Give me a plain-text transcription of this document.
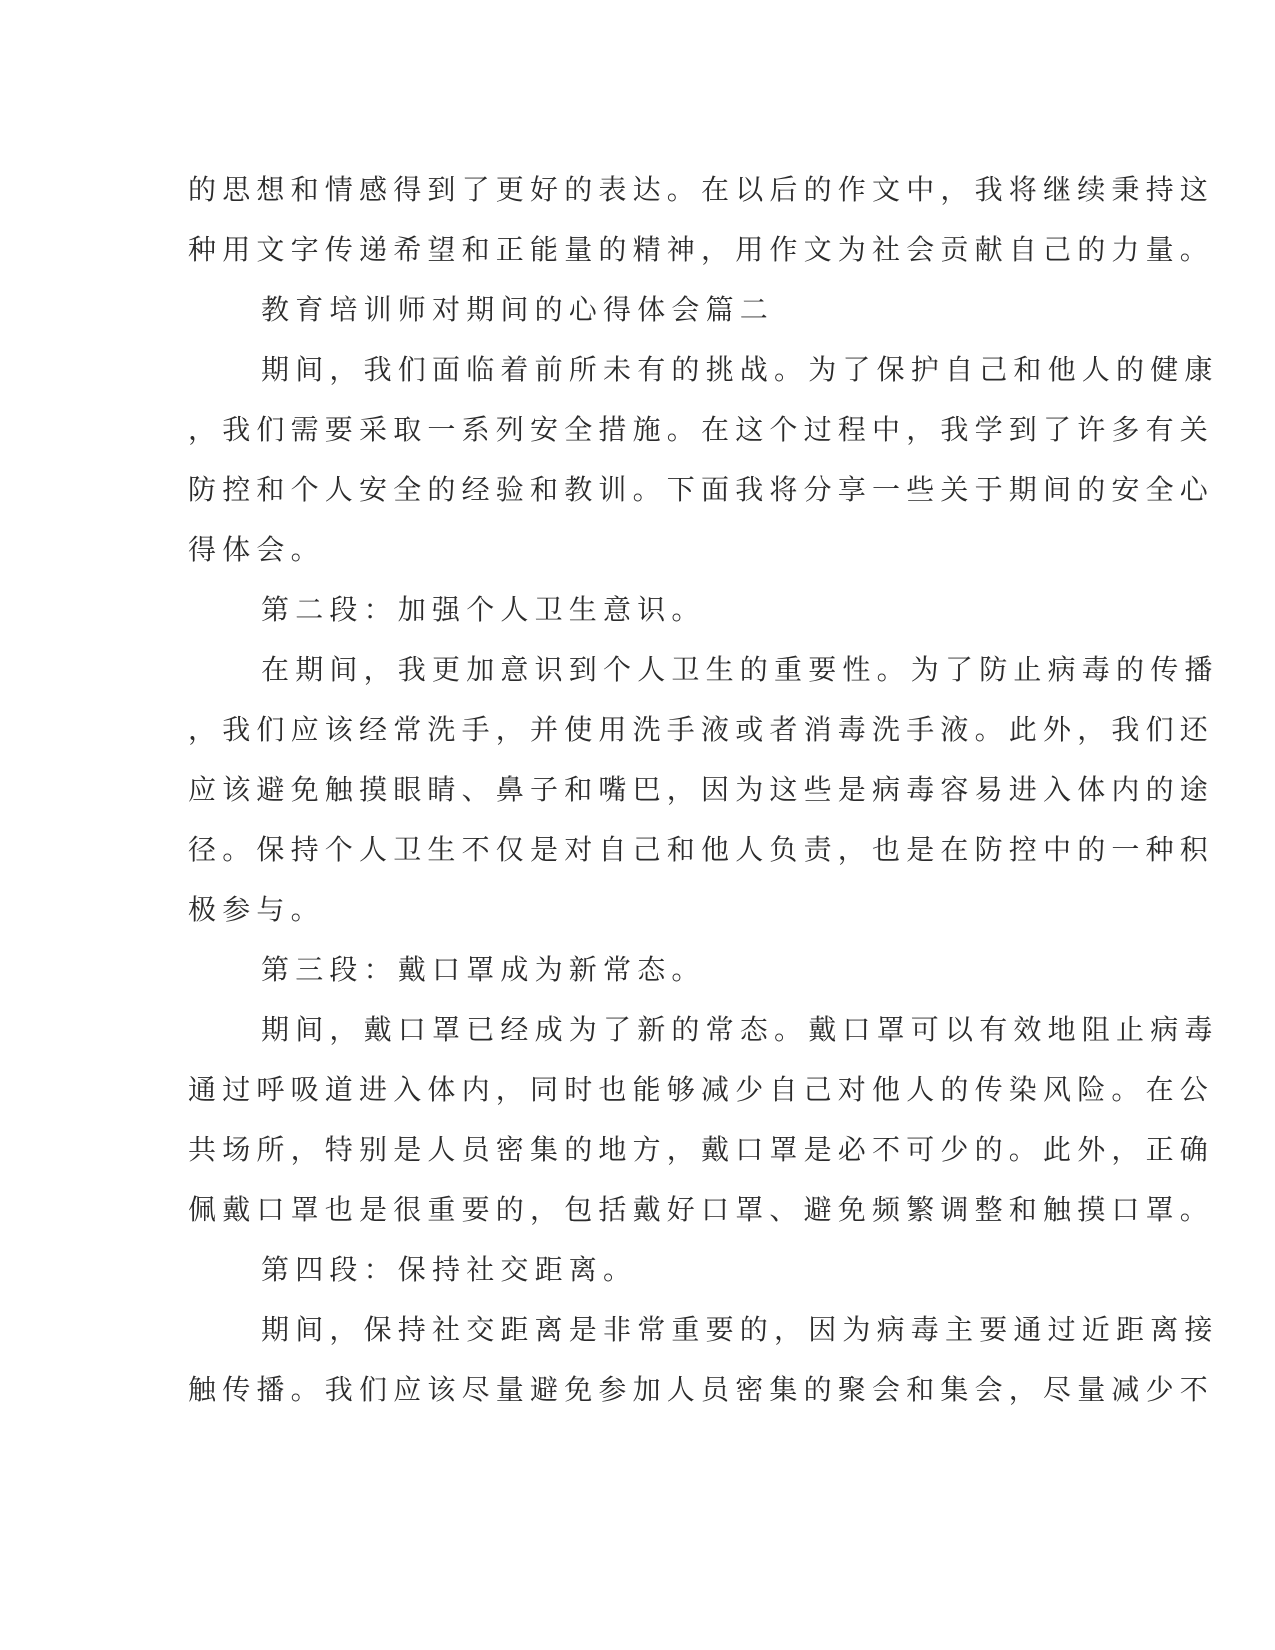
的思想和情感得到了更好的表达。在以后的作文中，我将继续秉持这
种用文字传递希望和正能量的精神，用作文为社会贡献自己的力量。
教育培训师对期间的心得体会篇二
期间，我们面临着前所未有的挑战。为了保护自己和他人的健康
，我们需要采取一系列安全措施。在这个过程中，我学到了许多有关
防控和个人安全的经验和教训。下面我将分享一些关于期间的安全心
得体会。
第二段：加强个人卫生意识。
在期间，我更加意识到个人卫生的重要性。为了防止病毒的传播
，我们应该经常洗手，并使用洗手液或者消毒洗手液。此外，我们还
应该避免触摸眼睛、鼻子和嘴巴，因为这些是病毒容易进入体内的途
径。保持个人卫生不仅是对自己和他人负责，也是在防控中的一种积
极参与。
第三段：戴口罩成为新常态。
期间，戴口罩已经成为了新的常态。戴口罩可以有效地阻止病毒
通过呼吸道进入体内，同时也能够减少自己对他人的传染风险。在公
共场所，特别是人员密集的地方，戴口罩是必不可少的。此外，正确
佩戴口罩也是很重要的，包括戴好口罩、避免频繁调整和触摸口罩。
第四段：保持社交距离。
期间，保持社交距离是非常重要的，因为病毒主要通过近距离接
触传播。我们应该尽量避免参加人员密集的聚会和集会，尽量减少不
